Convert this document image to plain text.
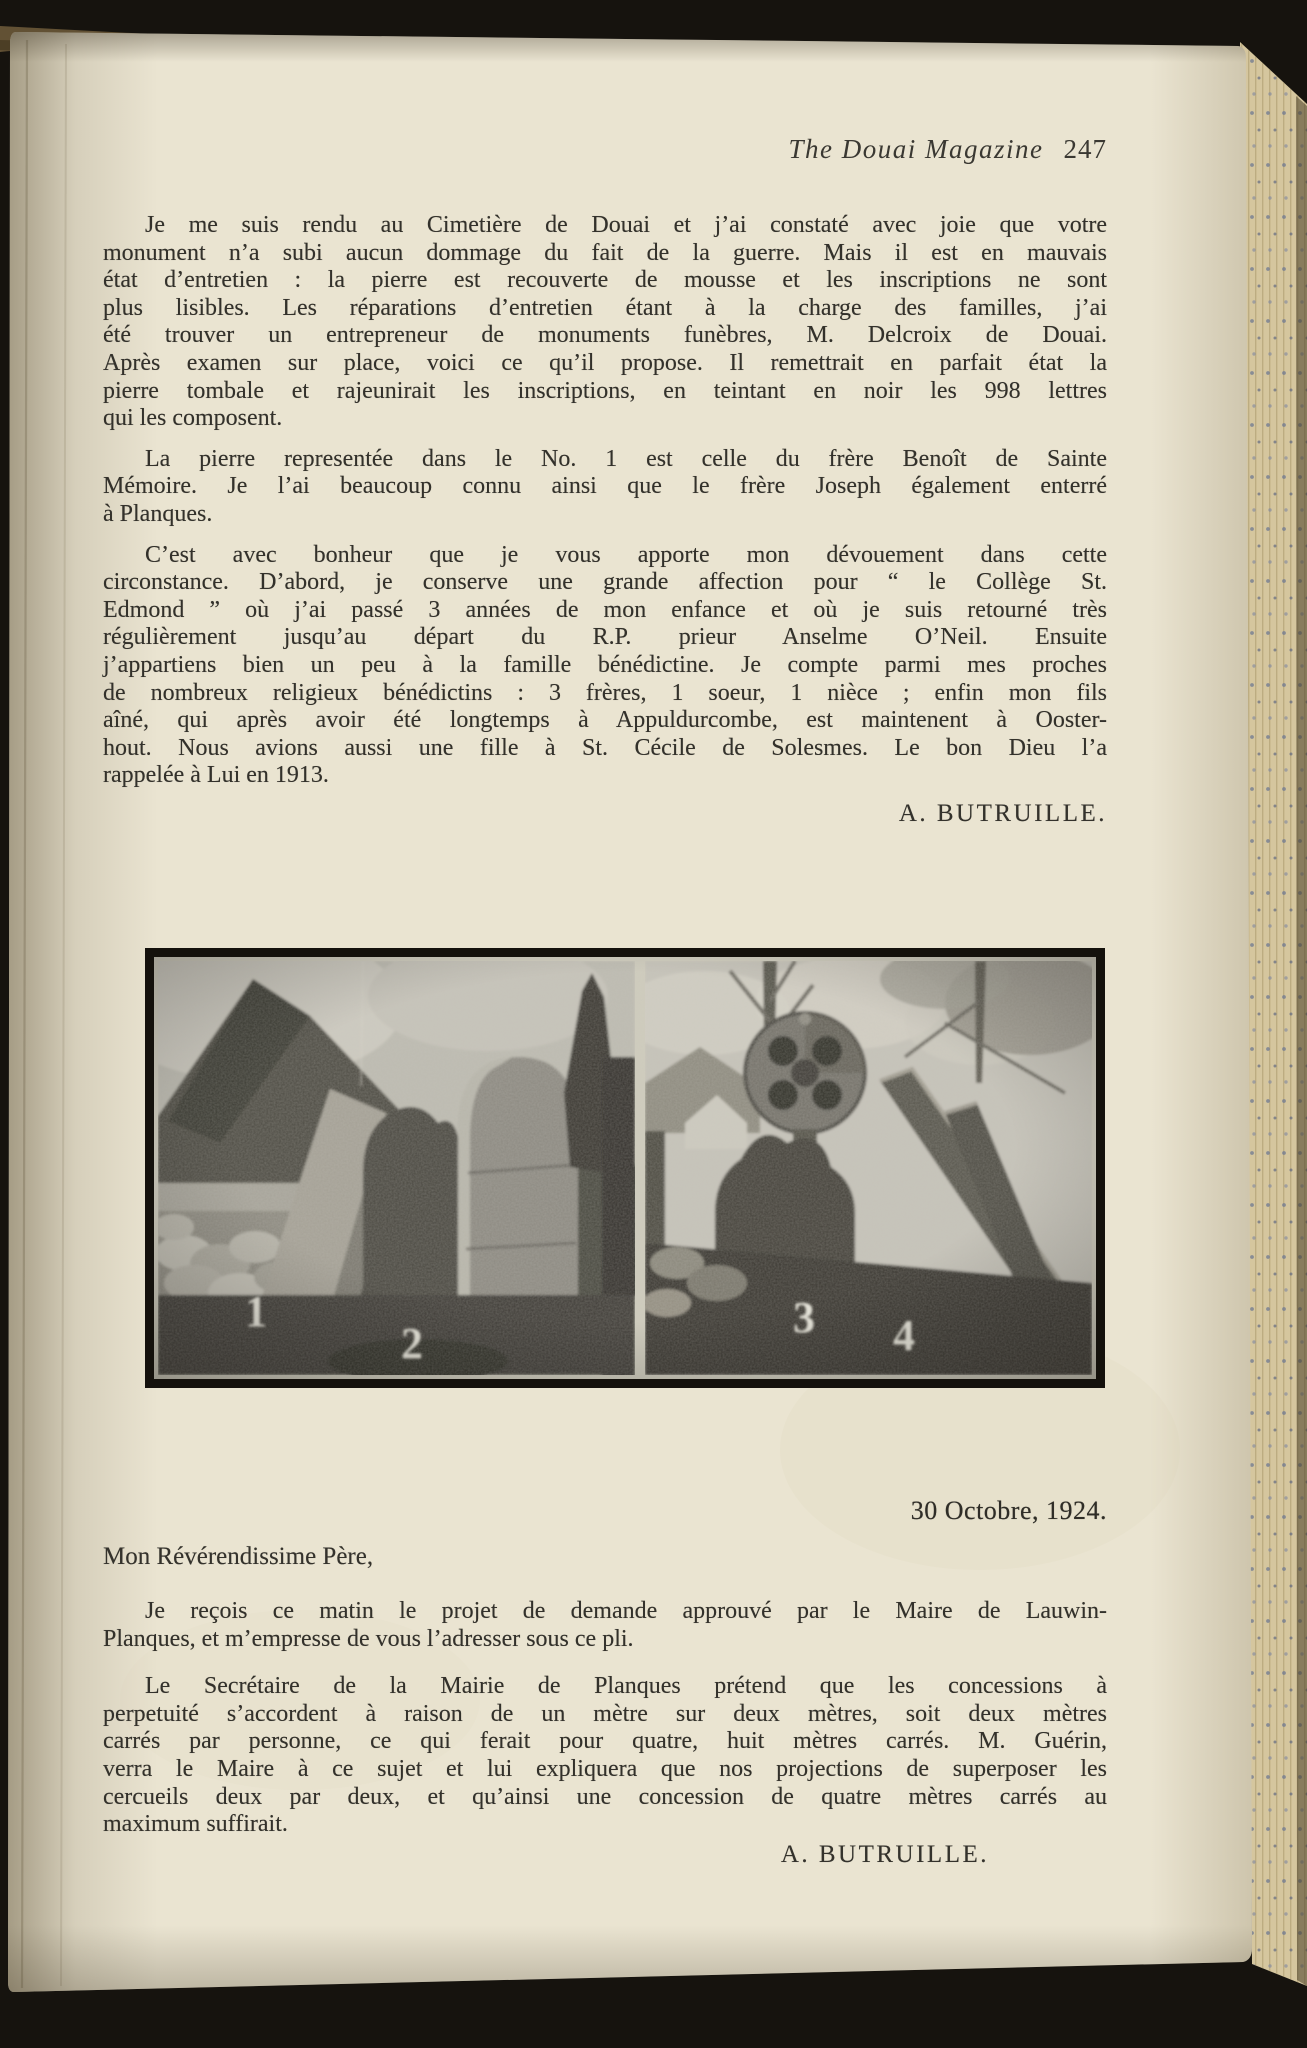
The Douai Magazine 247
Je me suis rendu au Cimetière de Douai et j’ai constaté avec joie que votre
monument n’a subi aucun dommage du fait de la guerre. Mais il est en mauvais
état d’entretien : la pierre est recouverte de mousse et les inscriptions ne sont
plus lisibles. Les réparations d’entretien étant à la charge des familles, j’ai
été trouver un entrepreneur de monuments funèbres, M. Delcroix de Douai.
Après examen sur place, voici ce qu’il propose. Il remettrait en parfait état la
pierre tombale et rajeunirait les inscriptions, en teintant en noir les 998 lettres
qui les composent.
La pierre representée dans le No. 1 est celle du frère Benoît de Sainte
Mémoire. Je l’ai beaucoup connu ainsi que le frère Joseph également enterré
à Planques.
C’est avec bonheur que je vous apporte mon dévouement dans cette
circonstance. D’abord, je conserve une grande affection pour “ le Collège St.
Edmond ” où j’ai passé 3 années de mon enfance et où je suis retourné très
régulièrement jusqu’au départ du R.P. prieur Anselme O’Neil. Ensuite
j’appartiens bien un peu à la famille bénédictine. Je compte parmi mes proches
de nombreux religieux bénédictins : 3 frères, 1 soeur, 1 nièce ; enfin mon fils
aîné, qui après avoir été longtemps à Appuldurcombe, est maintenent à Ooster-
hout. Nous avions aussi une fille à St. Cécile de Solesmes. Le bon Dieu l’a
rappelée à Lui en 1913.
A. BUTRUILLE.
30 Octobre, 1924.
Mon Révérendissime Père,
Je reçois ce matin le projet de demande approuvé par le Maire de Lauwin-
Planques, et m’empresse de vous l’adresser sous ce pli.
Le Secrétaire de la Mairie de Planques prétend que les concessions à
perpetuité s’accordent à raison de un mètre sur deux mètres, soit deux mètres
carrés par personne, ce qui ferait pour quatre, huit mètres carrés. M. Guérin,
verra le Maire à ce sujet et lui expliquera que nos projections de superposer les
cercueils deux par deux, et qu’ainsi une concession de quatre mètres carrés au
maximum suffirait.
A. BUTRUILLE.
